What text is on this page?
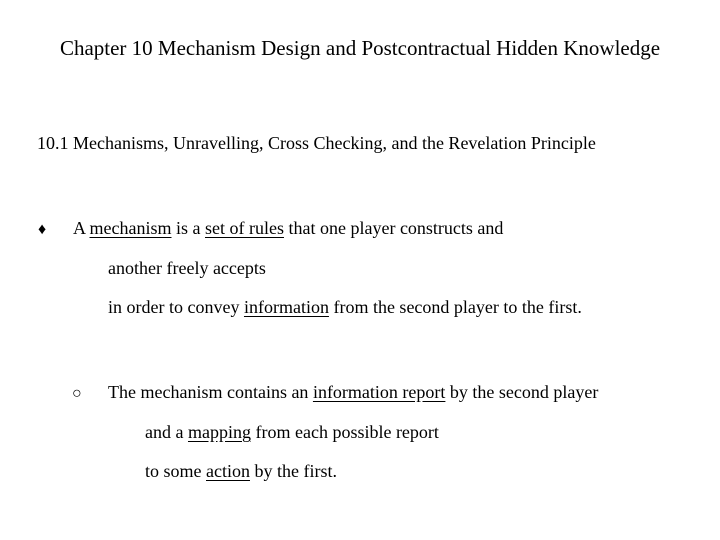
Chapter 10 Mechanism Design and Postcontractual Hidden Knowledge
10.1 Mechanisms, Unravelling, Cross Checking, and the Revelation Principle
♦ A mechanism is a set of rules that one player constructs and
another freely accepts
in order to convey information from the second player to the first.
○ The mechanism contains an information report by the second player
and a mapping from each possible report
to some action by the first.
